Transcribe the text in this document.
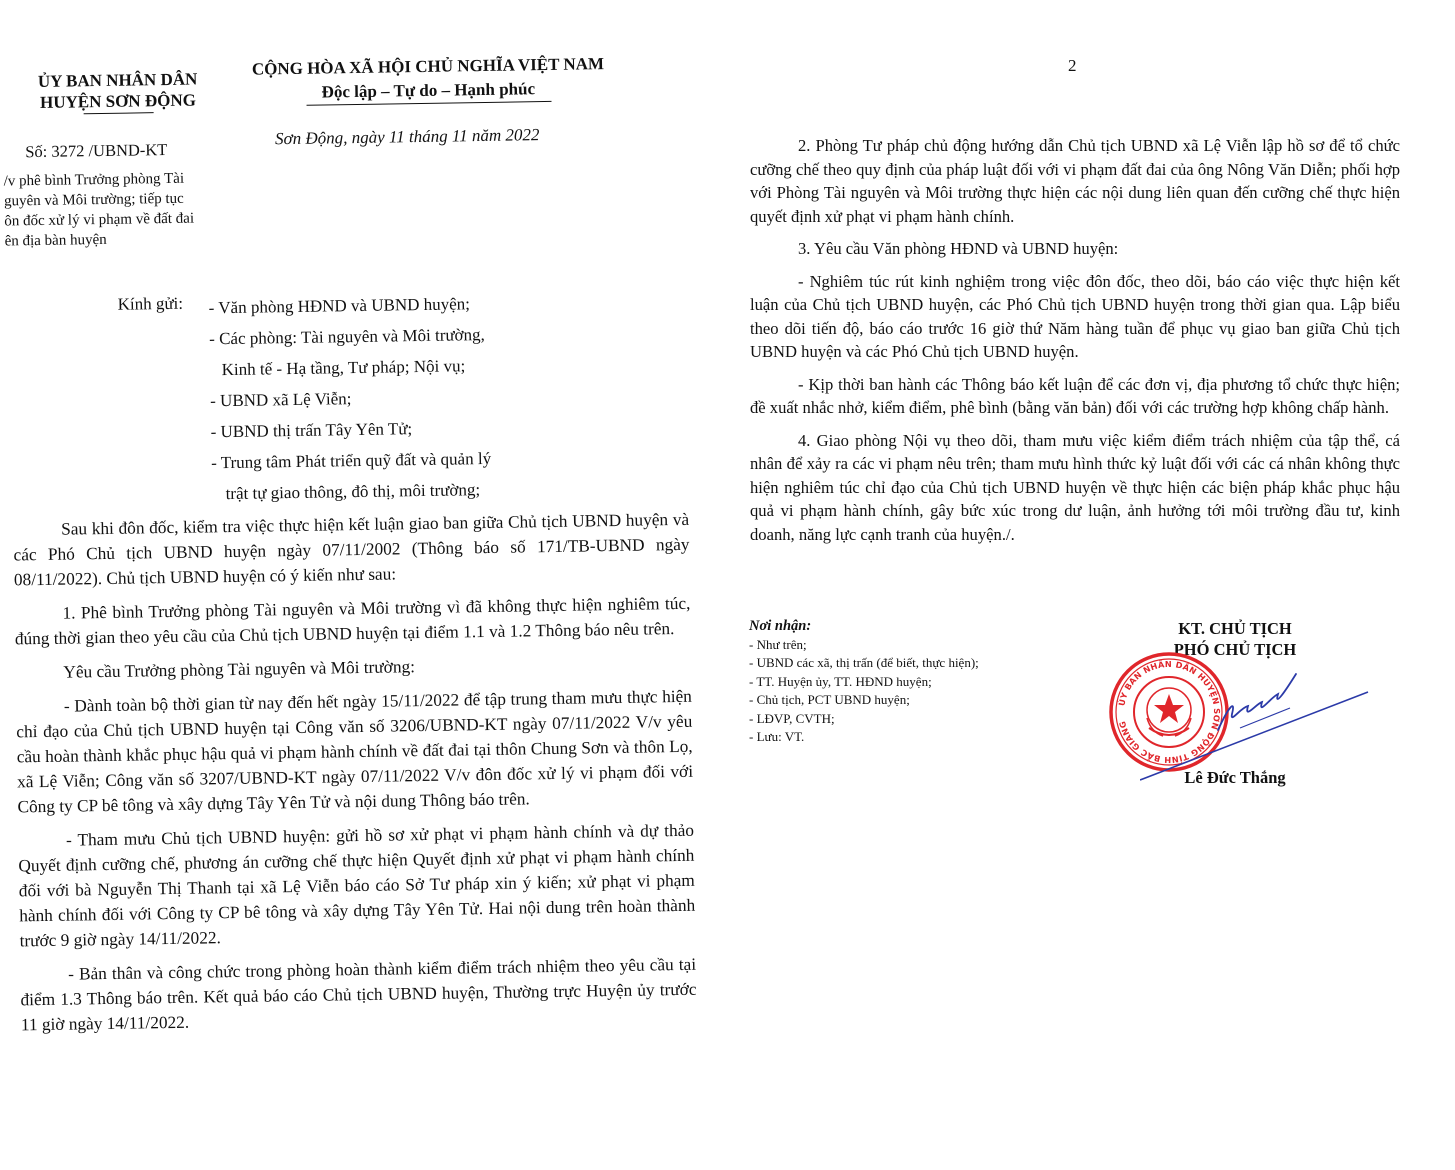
ỦY BAN NHÂN DÂN
HUYỆN SƠN ĐỘNG
CỘNG HÒA XÃ HỘI CHỦ NGHĨA VIỆT NAM
Độc lập – Tự do – Hạnh phúc
Số: 3272 /UBND-KT
Sơn Động, ngày 11 tháng 11 năm 2022
/v phê bình Trưởng phòng Tài
guyên và Môi trường; tiếp tục
ôn đốc xử lý vi phạm về đất đai
ên địa bàn huyện
Kính gửi: - Văn phòng HĐND và UBND huyện;
- Các phòng: Tài nguyên và Môi trường,
Kinh tế - Hạ tầng, Tư pháp; Nội vụ;
- UBND xã Lệ Viễn;
- UBND thị trấn Tây Yên Tử;
- Trung tâm Phát triển quỹ đất và quản lý
trật tự giao thông, đô thị, môi trường;

Sau khi đôn đốc, kiểm tra việc thực hiện kết luận giao ban giữa Chủ tịch UBND huyện và các Phó Chủ tịch UBND huyện ngày 07/11/2002 (Thông báo số 171/TB-UBND ngày 08/11/2022). Chủ tịch UBND huyện có ý kiến như sau:

1. Phê bình Trưởng phòng Tài nguyên và Môi trường vì đã không thực hiện nghiêm túc, đúng thời gian theo yêu cầu của Chủ tịch UBND huyện tại điểm 1.1 và 1.2 Thông báo nêu trên.

Yêu cầu Trưởng phòng Tài nguyên và Môi trường:

- Dành toàn bộ thời gian từ nay đến hết ngày 15/11/2022 để tập trung tham mưu thực hiện chỉ đạo của Chủ tịch UBND huyện tại Công văn số 3206/UBND-KT ngày 07/11/2022 V/v yêu cầu hoàn thành khắc phục hậu quả vi phạm hành chính về đất đai tại thôn Chung Sơn và thôn Lọ, xã Lệ Viễn; Công văn số 3207/UBND-KT ngày 07/11/2022 V/v đôn đốc xử lý vi phạm đối với Công ty CP bê tông và xây dựng Tây Yên Tử và nội dung Thông báo trên.

- Tham mưu Chủ tịch UBND huyện: gửi hồ sơ xử phạt vi phạm hành chính và dự thảo Quyết định cưỡng chế, phương án cưỡng chế thực hiện Quyết định xử phạt vi phạm hành chính đối với bà Nguyễn Thị Thanh tại xã Lệ Viễn báo cáo Sở Tư pháp xin ý kiến; xử phạt vi phạm hành chính đối với Công ty CP bê tông và xây dựng Tây Yên Tử. Hai nội dung trên hoàn thành trước 9 giờ ngày 14/11/2022.

- Bản thân và công chức trong phòng hoàn thành kiểm điểm trách nhiệm theo yêu cầu tại điểm 1.3 Thông báo trên. Kết quả báo cáo Chủ tịch UBND huyện, Thường trực Huyện ủy trước 11 giờ ngày 14/11/2022.

2

2. Phòng Tư pháp chủ động hướng dẫn Chủ tịch UBND xã Lệ Viễn lập hồ sơ để tổ chức cưỡng chế theo quy định của pháp luật đối với vi phạm đất đai của ông Nông Văn Diễn; phối hợp với Phòng Tài nguyên và Môi trường thực hiện các nội dung liên quan đến cưỡng chế thực hiện quyết định xử phạt vi phạm hành chính.

3. Yêu cầu Văn phòng HĐND và UBND huyện:

- Nghiêm túc rút kinh nghiệm trong việc đôn đốc, theo dõi, báo cáo việc thực hiện kết luận của Chủ tịch UBND huyện, các Phó Chủ tịch UBND huyện trong thời gian qua. Lập biểu theo dõi tiến độ, báo cáo trước 16 giờ thứ Năm hàng tuần để phục vụ giao ban giữa Chủ tịch UBND huyện và các Phó Chủ tịch UBND huyện.

- Kịp thời ban hành các Thông báo kết luận để các đơn vị, địa phương tổ chức thực hiện; đề xuất nhắc nhở, kiểm điểm, phê bình (bằng văn bản) đối với các trường hợp không chấp hành.

4. Giao phòng Nội vụ theo dõi, tham mưu việc kiểm điểm trách nhiệm của tập thể, cá nhân để xảy ra các vi phạm nêu trên; tham mưu hình thức kỷ luật đối với các cá nhân không thực hiện nghiêm túc chỉ đạo của Chủ tịch UBND huyện về thực hiện các biện pháp khắc phục hậu quả vi phạm hành chính, gây bức xúc trong dư luận, ảnh hưởng tới môi trường đầu tư, kinh doanh, năng lực cạnh tranh của huyện./.

Nơi nhận:
- Như trên;
- UBND các xã, thị trấn (để biết, thực hiện);
- TT. Huyện ủy, TT. HĐND huyện;
- Chủ tịch, PCT UBND huyện;
- LĐVP, CVTH;
- Lưu: VT.
KT. CHỦ TỊCH
PHÓ CHỦ TỊCH
ỦY BAN NHÂN DÂN HUYỆN SƠN ĐỘNG TỈNH BẮC GIANG
Lê Đức Thắng
